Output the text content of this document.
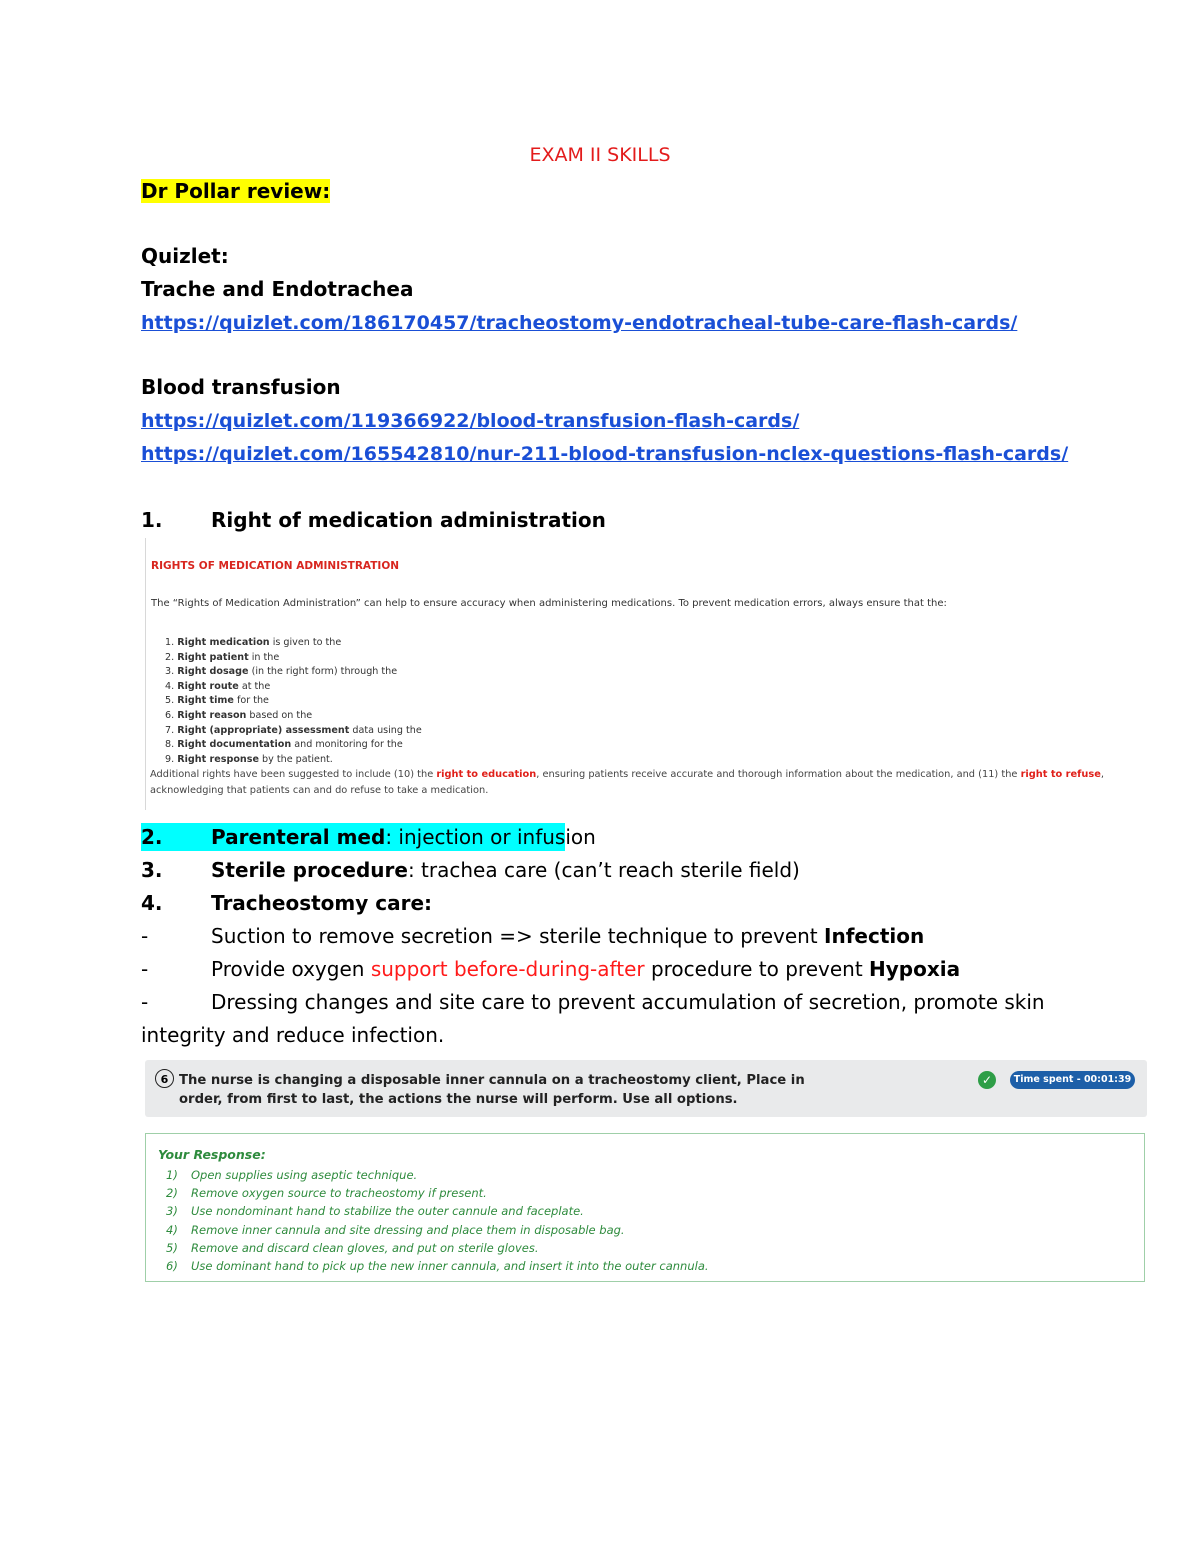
EXAM II SKILLS
Dr Pollar review:
Quizlet:
Trache and Endotrachea
https://quizlet.com/186170457/tracheostomy-endotracheal-tube-care-flash-cards/
Blood transfusion
https://quizlet.com/119366922/blood-transfusion-flash-cards/
https://quizlet.com/165542810/nur-211-blood-transfusion-nclex-questions-flash-cards/
1. Right of medication administration
RIGHTS OF MEDICATION ADMINISTRATION
The “Rights of Medication Administration” can help to ensure accuracy when administering medications. To prevent medication errors, always ensure that the:
1. Right medication is given to the
2. Right patient in the
3. Right dosage (in the right form) through the
4. Right route at the
5. Right time for the
6. Right reason based on the
7. Right (appropriate) assessment data using the
8. Right documentation and monitoring for the
9. Right response by the patient.
Additional rights have been suggested to include (10) the right to education, ensuring patients receive accurate and thorough information about the medication, and (11) the right to refuse, acknowledging that patients can and do refuse to take a medication.
2. Parenteral med: injection or infusion
3. Sterile procedure: trachea care (can’t reach sterile field)
4. Tracheostomy care:
-	Suction to remove secretion => sterile technique to prevent Infection
-	Provide oxygen support before-during-after procedure to prevent Hypoxia
-	Dressing changes and site care to prevent accumulation of secretion, promote skin
integrity and reduce infection.
6 The nurse is changing a disposable inner cannula on a tracheostomy client, Place in order, from first to last, the actions the nurse will perform. Use all options.
✓	Time spent - 00:01:39
Your Response:
1) Open supplies using aseptic technique.
2) Remove oxygen source to tracheostomy if present.
3) Use nondominant hand to stabilize the outer cannule and faceplate.
4) Remove inner cannula and site dressing and place them in disposable bag.
5) Remove and discard clean gloves, and put on sterile gloves.
6) Use dominant hand to pick up the new inner cannula, and insert it into the outer cannula.
